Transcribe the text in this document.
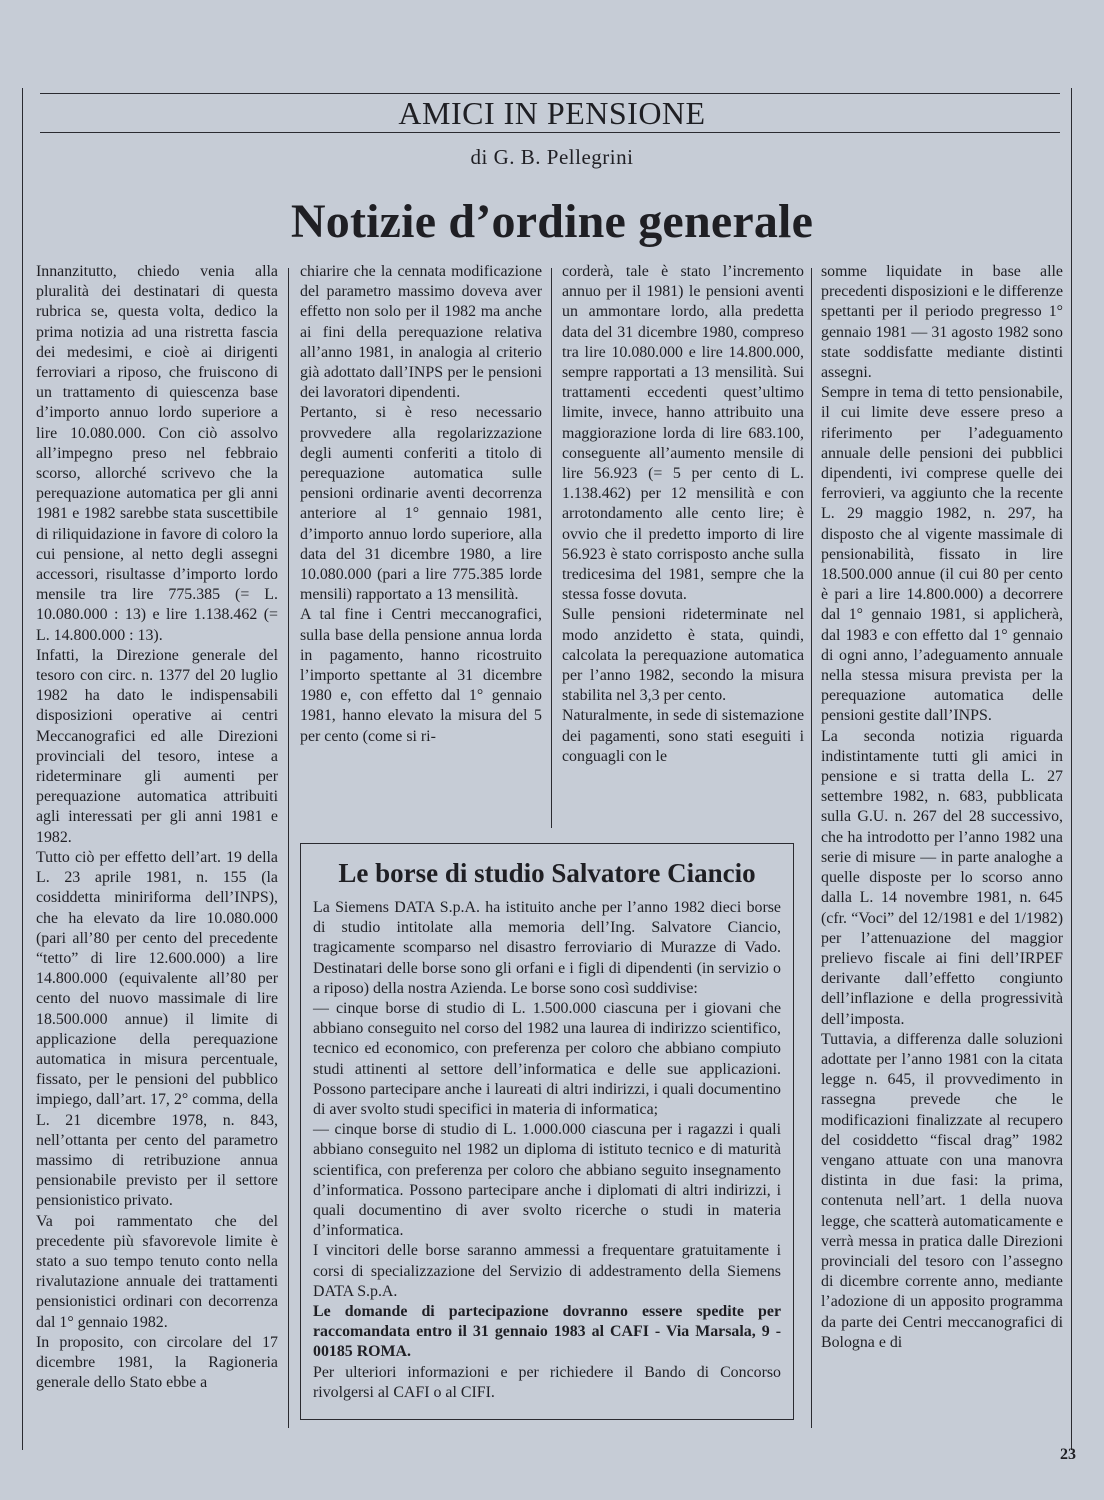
AMICI IN PENSIONE
di G. B. Pellegrini
Notizie d’ordine generale

Innanzitutto, chiedo venia alla pluralità dei destinatari di questa rubrica se, questa volta, dedico la prima notizia ad una ristretta fascia dei medesimi, e cioè ai dirigenti ferroviari a riposo, che fruiscono di un trattamento di quiescenza base d’importo annuo lordo superiore a lire 10.080.000. Con ciò assolvo all’impegno preso nel febbraio scorso, allorché scrivevo che la perequazione automatica per gli anni 1981 e 1982 sarebbe stata suscettibile di riliquidazione in favore di coloro la cui pensione, al netto degli assegni accessori, risultasse d’importo lordo mensile tra lire 775.385 (= L. 10.080.000 : 13) e lire 1.138.462 (= L. 14.800.000 : 13).

Infatti, la Direzione generale del tesoro con circ. n. 1377 del 20 luglio 1982 ha dato le indispensabili disposizioni operative ai centri Meccanografici ed alle Direzioni provinciali del tesoro, intese a rideterminare gli aumenti per perequazione automatica attribuiti agli interessati per gli anni 1981 e 1982.

Tutto ciò per effetto dell’art. 19 della L. 23 aprile 1981, n. 155 (la cosiddetta miniriforma dell’INPS), che ha elevato da lire 10.080.000 (pari all’80 per cento del precedente “tetto” di lire 12.600.000) a lire 14.800.000 (equivalente all’80 per cento del nuovo massimale di lire 18.500.000 annue) il limite di applicazione della perequazione automatica in misura percentuale, fissato, per le pensioni del pubblico impiego, dall’art. 17, 2° comma, della L. 21 dicembre 1978, n. 843, nell’ottanta per cento del parametro massimo di retribuzione annua pensionabile previsto per il settore pensionistico privato.

Va poi rammentato che del precedente più sfavorevole limite è stato a suo tempo tenuto conto nella rivalutazione annuale dei trattamenti pensionistici ordinari con decorrenza dal 1° gennaio 1982.

In proposito, con circolare del 17 dicembre 1981, la Ragioneria generale dello Stato ebbe a

chiarire che la cennata modificazione del parametro massimo doveva aver effetto non solo per il 1982 ma anche ai fini della perequazione relativa all’anno 1981, in analogia al criterio già adottato dall’INPS per le pensioni dei lavoratori dipendenti.

Pertanto, si è reso necessario provvedere alla regolarizzazione degli aumenti conferiti a titolo di perequazione automatica sulle pensioni ordinarie aventi decorrenza anteriore al 1° gennaio 1981, d’importo annuo lordo superiore, alla data del 31 dicembre 1980, a lire 10.080.000 (pari a lire 775.385 lorde mensili) rapportato a 13 mensilità.

A tal fine i Centri meccanografici, sulla base della pensione annua lorda in pagamento, hanno ricostruito l’importo spettante al 31 dicembre 1980 e, con effetto dal 1° gennaio 1981, hanno elevato la misura del 5 per cento (come si ri-

corderà, tale è stato l’incremento annuo per il 1981) le pensioni aventi un ammontare lordo, alla predetta data del 31 dicembre 1980, compreso tra lire 10.080.000 e lire 14.800.000, sempre rapportati a 13 mensilità. Sui trattamenti eccedenti quest’ultimo limite, invece, hanno attribuito una maggiorazione lorda di lire 683.100, conseguente all’aumento mensile di lire 56.923 (= 5 per cento di L. 1.138.462) per 12 mensilità e con arrotondamento alle cento lire; è ovvio che il predetto importo di lire 56.923 è stato corrisposto anche sulla tredicesima del 1981, sempre che la stessa fosse dovuta.

Sulle pensioni rideterminate nel modo anzidetto è stata, quindi, calcolata la perequazione automatica per l’anno 1982, secondo la misura stabilita nel 3,3 per cento.

Naturalmente, in sede di sistemazione dei pagamenti, sono stati eseguiti i conguagli con le

somme liquidate in base alle precedenti disposizioni e le differenze spettanti per il periodo pregresso 1° gennaio 1981 — 31 agosto 1982 sono state soddisfatte mediante distinti assegni.

Sempre in tema di tetto pensionabile, il cui limite deve essere preso a riferimento per l’adeguamento annuale delle pensioni dei pubblici dipendenti, ivi comprese quelle dei ferrovieri, va aggiunto che la recente L. 29 maggio 1982, n. 297, ha disposto che al vigente massimale di pensionabilità, fissato in lire 18.500.000 annue (il cui 80 per cento è pari a lire 14.800.000) a decorrere dal 1° gennaio 1981, si applicherà, dal 1983 e con effetto dal 1° gennaio di ogni anno, l’adeguamento annuale nella stessa misura prevista per la perequazione automatica delle pensioni gestite dall’INPS.

La seconda notizia riguarda indistintamente tutti gli amici in pensione e si tratta della L. 27 settembre 1982, n. 683, pubblicata sulla G.U. n. 267 del 28 successivo, che ha introdotto per l’anno 1982 una serie di misure — in parte analoghe a quelle disposte per lo scorso anno dalla L. 14 novembre 1981, n. 645 (cfr. “Voci” del 12/1981 e del 1/1982) per l’attenuazione del maggior prelievo fiscale ai fini dell’IRPEF derivante dall’effetto congiunto dell’inflazione e della progressività dell’imposta.

Tuttavia, a differenza dalle soluzioni adottate per l’anno 1981 con la citata legge n. 645, il provvedimento in rassegna prevede che le modificazioni finalizzate al recupero del cosiddetto “fiscal drag” 1982 vengano attuate con una manovra distinta in due fasi: la prima, contenuta nell’art. 1 della nuova legge, che scatterà automaticamente e verrà messa in pratica dalle Direzioni provinciali del tesoro con l’assegno di dicembre corrente anno, mediante l’adozione di un apposito programma da parte dei Centri meccanografici di Bologna e di

Le borse di studio Salvatore Ciancio

La Siemens DATA S.p.A. ha istituito anche per l’anno 1982 dieci borse di studio intitolate alla memoria dell’Ing. Salvatore Ciancio, tragicamente scomparso nel disastro ferroviario di Murazze di Vado. Destinatari delle borse sono gli orfani e i figli di dipendenti (in servizio o a riposo) della nostra Azienda. Le borse sono così suddivise:

— cinque borse di studio di L. 1.500.000 ciascuna per i giovani che abbiano conseguito nel corso del 1982 una laurea di indirizzo scientifico, tecnico ed economico, con preferenza per coloro che abbiano compiuto studi attinenti al settore dell’informatica e delle sue applicazioni. Possono partecipare anche i laureati di altri indirizzi, i quali documentino di aver svolto studi specifici in materia di informatica;

— cinque borse di studio di L. 1.000.000 ciascuna per i ragazzi i quali abbiano conseguito nel 1982 un diploma di istituto tecnico e di maturità scientifica, con preferenza per coloro che abbiano seguito insegnamento d’informatica. Possono partecipare anche i diplomati di altri indirizzi, i quali documentino di aver svolto ricerche o studi in materia d’informatica.

I vincitori delle borse saranno ammessi a frequentare gratuitamente i corsi di specializzazione del Servizio di addestramento della Siemens DATA S.p.A.

Le domande di partecipazione dovranno essere spedite per raccomandata entro il 31 gennaio 1983 al CAFI - Via Marsala, 9 - 00185 ROMA.

Per ulteriori informazioni e per richiedere il Bando di Concorso rivolgersi al CAFI o al CIFI.

23
